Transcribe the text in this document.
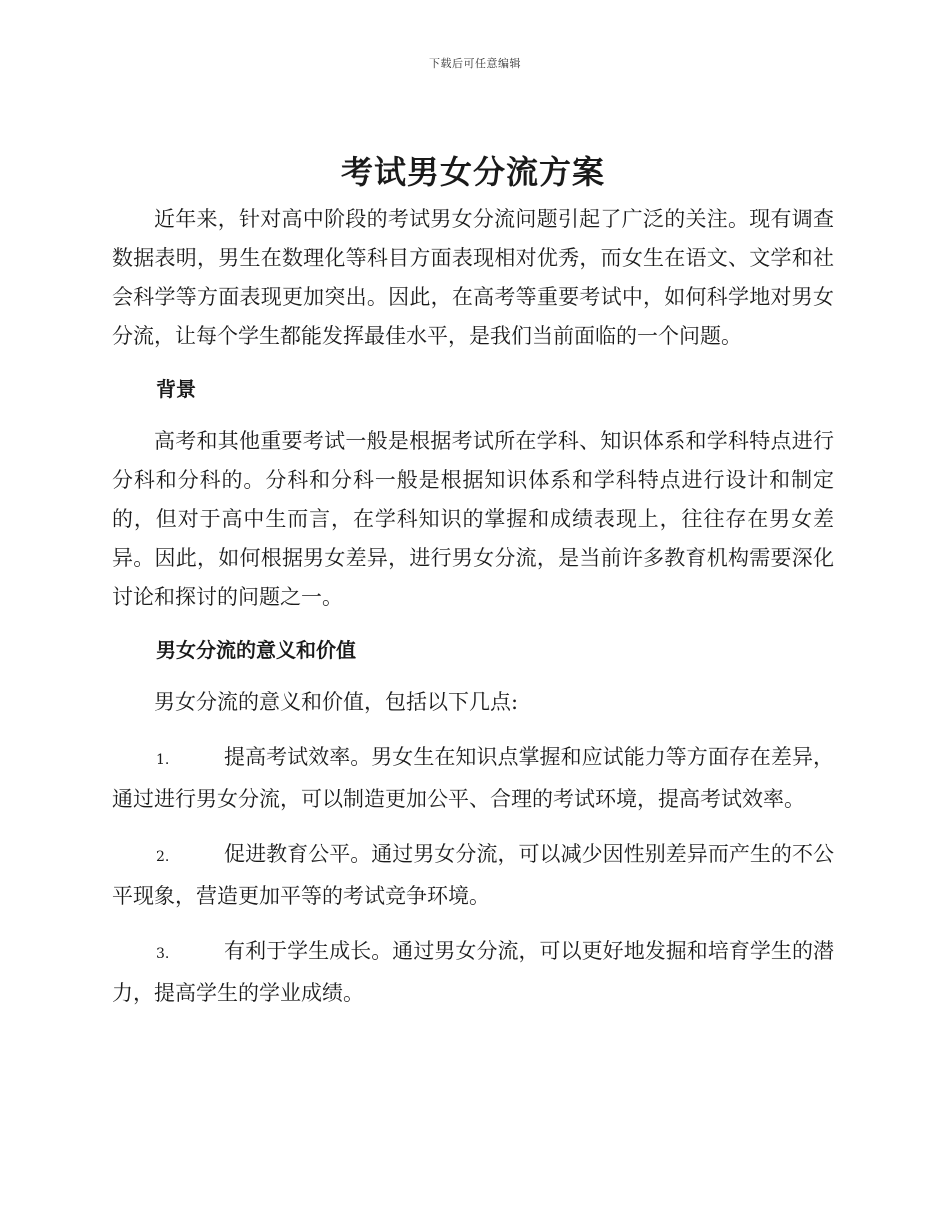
下载后可任意编辑
考试男女分流方案

近年来，针对高中阶段的考试男女分流问题引起了广泛的关注。现有调查数据表明，男生在数理化等科目方面表现相对优秀，而女生在语文、文学和社会科学等方面表现更加突出。因此，在高考等重要考试中，如何科学地对男女分流，让每个学生都能发挥最佳水平，是我们当前面临的一个问题。

背景

高考和其他重要考试一般是根据考试所在学科、知识体系和学科特点进行分科和分科的。分科和分科一般是根据知识体系和学科特点进行设计和制定的，但对于高中生而言，在学科知识的掌握和成绩表现上，往往存在男女差异。因此，如何根据男女差异，进行男女分流，是当前许多教育机构需要深化讨论和探讨的问题之一。

男女分流的意义和价值

男女分流的意义和价值，包括以下几点:

1.	提高考试效率。男女生在知识点掌握和应试能力等方面存在差异，通过进行男女分流，可以制造更加公平、合理的考试环境，提高考试效率。

2.	促进教育公平。通过男女分流，可以减少因性别差异而产生的不公平现象，营造更加平等的考试竞争环境。

3.	有利于学生成长。通过男女分流，可以更好地发掘和培育学生的潜力，提高学生的学业成绩。
